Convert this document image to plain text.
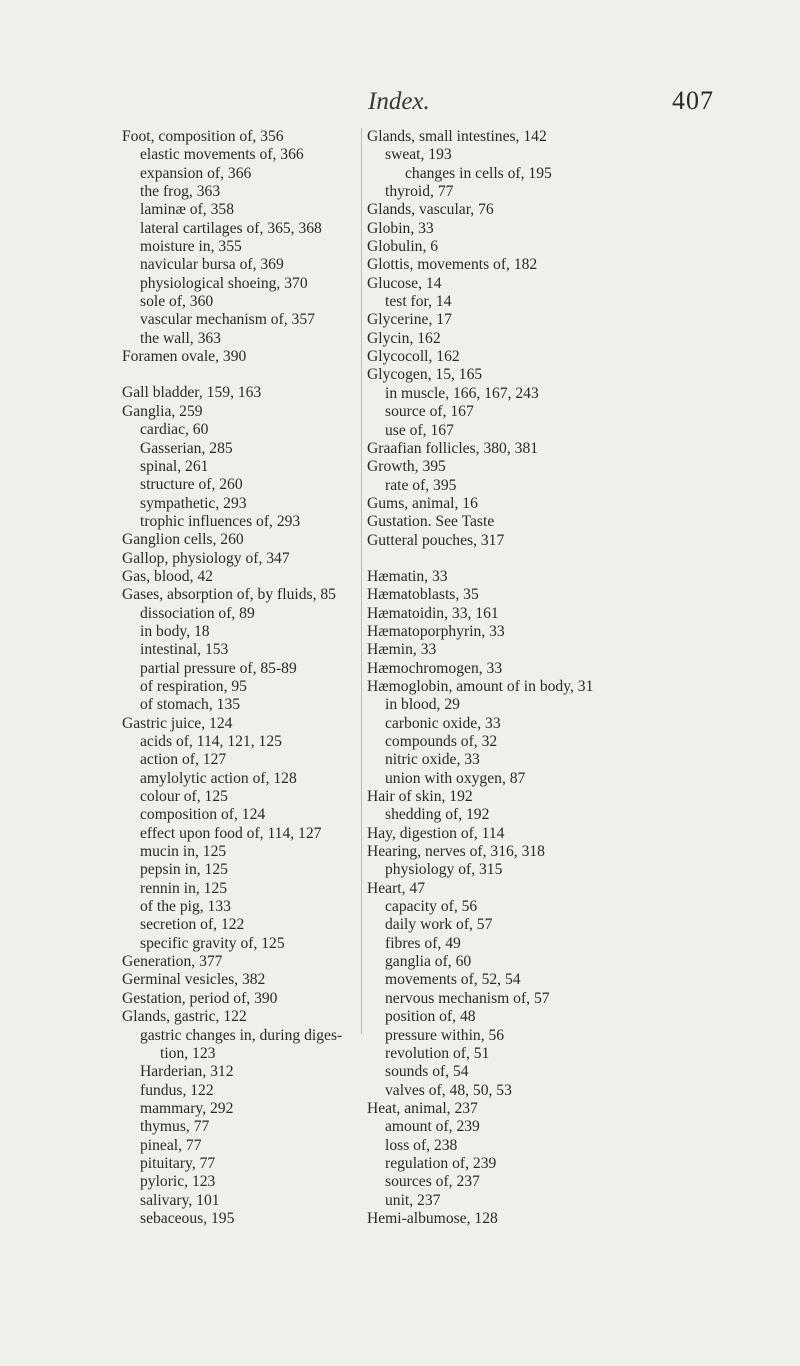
Index.	407
Foot, composition of, 356
elastic movements of, 366
expansion of, 366
the frog, 363
laminæ of, 358
lateral cartilages of, 365, 368
moisture in, 355
navicular bursa of, 369
physiological shoeing, 370
sole of, 360
vascular mechanism of, 357
the wall, 363
Foramen ovale, 390
Gall bladder, 159, 163
Ganglia, 259
cardiac, 60
Gasserian, 285
spinal, 261
structure of, 260
sympathetic, 293
trophic influences of, 293
Ganglion cells, 260
Gallop, physiology of, 347
Gas, blood, 42
Gases, absorption of, by fluids, 85
dissociation of, 89
in body, 18
intestinal, 153
partial pressure of, 85-89
of respiration, 95
of stomach, 135
Gastric juice, 124
acids of, 114, 121, 125
action of, 127
amylolytic action of, 128
colour of, 125
composition of, 124
effect upon food of, 114, 127
mucin in, 125
pepsin in, 125
rennin in, 125
of the pig, 133
secretion of, 122
specific gravity of, 125
Generation, 377
Germinal vesicles, 382
Gestation, period of, 390
Glands, gastric, 122
gastric changes in, during diges-
tion, 123
Harderian, 312
fundus, 122
mammary, 292
thymus, 77
pineal, 77
pituitary, 77
pyloric, 123
salivary, 101
sebaceous, 195
Glands, small intestines, 142
sweat, 193
changes in cells of, 195
thyroid, 77
Glands, vascular, 76
Globin, 33
Globulin, 6
Glottis, movements of, 182
Glucose, 14
test for, 14
Glycerine, 17
Glycin, 162
Glycocoll, 162
Glycogen, 15, 165
in muscle, 166, 167, 243
source of, 167
use of, 167
Graafian follicles, 380, 381
Growth, 395
rate of, 395
Gums, animal, 16
Gustation. See Taste
Gutteral pouches, 317
Hæmatin, 33
Hæmatoblasts, 35
Hæmatoidin, 33, 161
Hæmatoporphyrin, 33
Hæmin, 33
Hæmochromogen, 33
Hæmoglobin, amount of in body, 31
in blood, 29
carbonic oxide, 33
compounds of, 32
nitric oxide, 33
union with oxygen, 87
Hair of skin, 192
shedding of, 192
Hay, digestion of, 114
Hearing, nerves of, 316, 318
physiology of, 315
Heart, 47
capacity of, 56
daily work of, 57
fibres of, 49
ganglia of, 60
movements of, 52, 54
nervous mechanism of, 57
position of, 48
pressure within, 56
revolution of, 51
sounds of, 54
valves of, 48, 50, 53
Heat, animal, 237
amount of, 239
loss of, 238
regulation of, 239
sources of, 237
unit, 237
Hemi-albumose, 128
